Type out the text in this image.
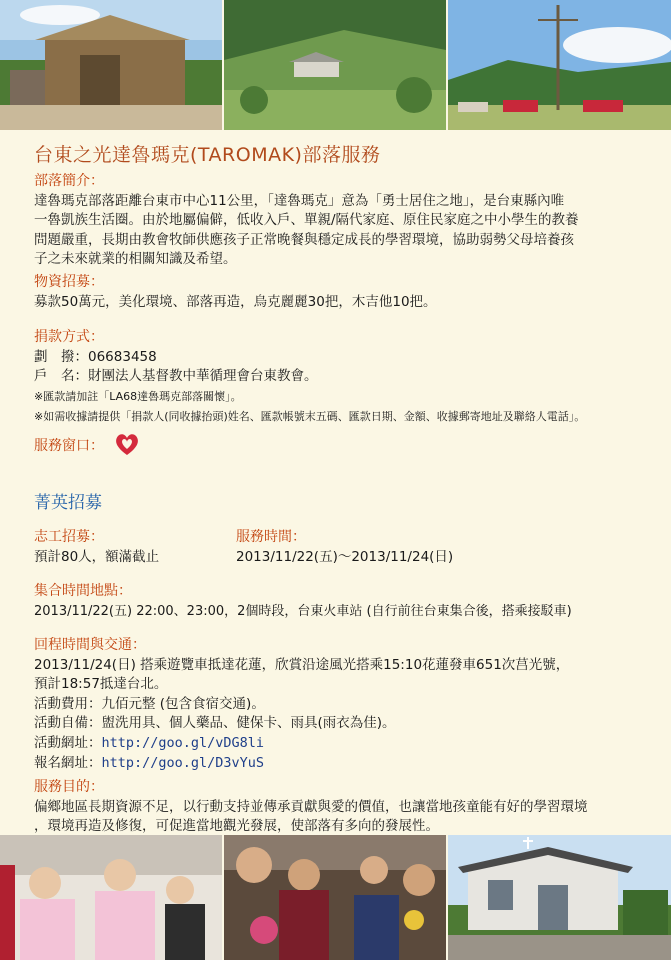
台東之光達魯瑪克(TAROMAK)部落服務
部落簡介：
達魯瑪克部落距離台東市中心11公里，「達魯瑪克」意為「勇士居住之地」，是台東縣內唯
一魯凱族生活圈。由於地屬偏僻，低收入戶、單親/隔代家庭、原住民家庭之中小學生的教養
問題嚴重，長期由教會牧師供應孩子正常晚餐與穩定成長的學習環境，協助弱勢父母培養孩
子之未來就業的相關知識及希望。
物資招募：
募款50萬元，美化環境、部落再造，烏克麗麗30把，木吉他10把。
捐款方式：
劃　撥：06683458
戶　名：財團法人基督教中華循理會台東教會。
※匯款請加註「LA68達魯瑪克部落關懷」。
※如需收據請提供「捐款人(同收據抬頭)姓名、匯款帳號末五碼、匯款日期、金額、收據郵寄地址及聯絡人電話」。
服務窗口：
菁英招募
志工招募：
預計80人，額滿截止
服務時間：
2013/11/22(五)～2013/11/24(日)
集合時間地點：
2013/11/22(五) 22:00、23:00，2個時段，台東火車站 (自行前往台東集合後，搭乘接駁車)
回程時間與交通：
2013/11/24(日) 搭乘遊覽車抵達花蓮，欣賞沿途風光搭乘15:10花蓮發車651次莒光號，
預計18:57抵達台北。
活動費用：九佰元整 (包含食宿交通)。
活動自備：盥洗用具、個人藥品、健保卡、雨具(雨衣為佳)。
活動網址：http://goo.gl/vDG8li
報名網址：http://goo.gl/D3vYuS
服務目的：
偏鄉地區長期資源不足，以行動支持並傳承貢獻與愛的價值，也讓當地孩童能有好的學習環境
，環境再造及修復，可促進當地觀光發展，使部落有多向的發展性。
